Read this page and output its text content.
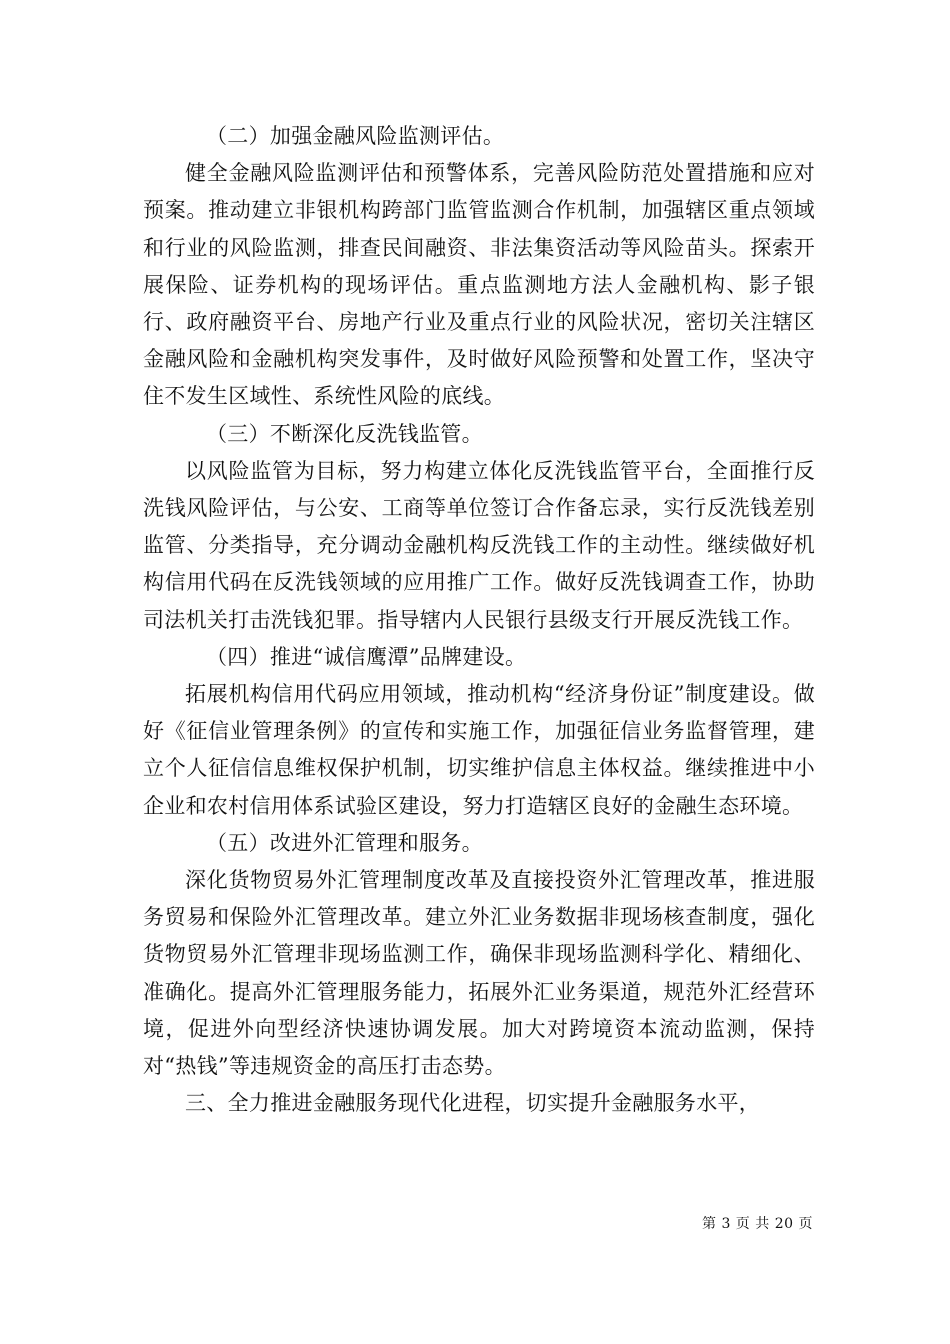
（二）加强金融风险监测评估。

健全金融风险监测评估和预警体系，完善风险防范处置措施和应对预案。推动建立非银机构跨部门监管监测合作机制，加强辖区重点领域和行业的风险监测，排查民间融资、非法集资活动等风险苗头。探索开展保险、证券机构的现场评估。重点监测地方法人金融机构、影子银行、政府融资平台、房地产行业及重点行业的风险状况，密切关注辖区金融风险和金融机构突发事件，及时做好风险预警和处置工作，坚决守住不发生区域性、系统性风险的底线。

（三）不断深化反洗钱监管。

以风险监管为目标，努力构建立体化反洗钱监管平台，全面推行反洗钱风险评估，与公安、工商等单位签订合作备忘录，实行反洗钱差别监管、分类指导，充分调动金融机构反洗钱工作的主动性。继续做好机构信用代码在反洗钱领域的应用推广工作。做好反洗钱调查工作，协助司法机关打击洗钱犯罪。指导辖内人民银行县级支行开展反洗钱工作。

（四）推进“诚信鹰潭”品牌建设。

拓展机构信用代码应用领域，推动机构“经济身份证”制度建设。做好《征信业管理条例》的宣传和实施工作，加强征信业务监督管理，建立个人征信信息维权保护机制，切实维护信息主体权益。继续推进中小企业和农村信用体系试验区建设，努力打造辖区良好的金融生态环境。

（五）改进外汇管理和服务。

深化货物贸易外汇管理制度改革及直接投资外汇管理改革，推进服务贸易和保险外汇管理改革。建立外汇业务数据非现场核查制度，强化货物贸易外汇管理非现场监测工作，确保非现场监测科学化、精细化、准确化。提高外汇管理服务能力，拓展外汇业务渠道，规范外汇经营环境，促进外向型经济快速协调发展。加大对跨境资本流动监测，保持对“热钱”等违规资金的高压打击态势。

三、全力推进金融服务现代化进程，切实提升金融服务水平，

第 3 页 共 20 页
